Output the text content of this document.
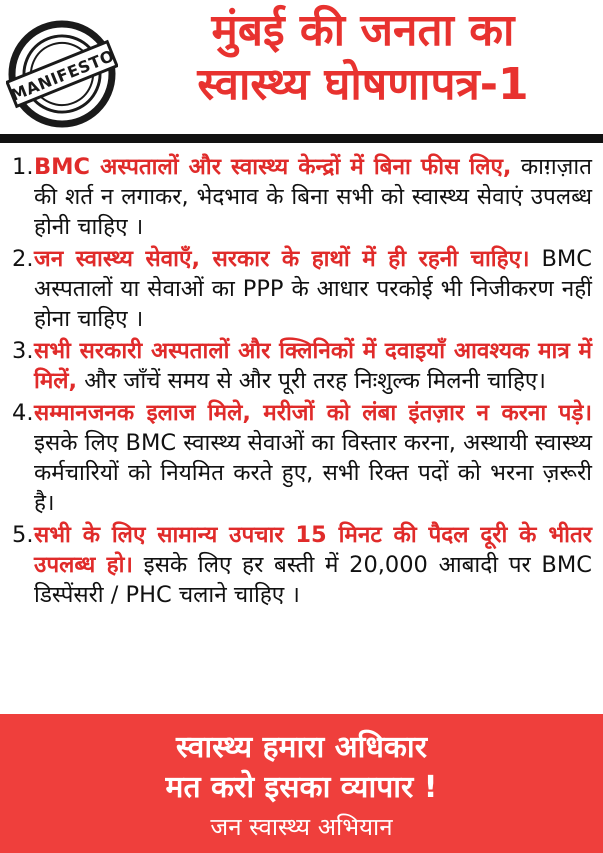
MANIFESTO
मुंबई की जनता का
स्वास्थ्य घोषणापत्र-1
1. BMC अस्पतालों और स्वास्थ्य केन्द्रों में बिना फीस लिए, काग़ज़ात की शर्त न लगाकर, भेदभाव के बिना सभी को स्वास्थ्य सेवाएं उपलब्ध होनी चाहिए ।
2. जन स्वास्थ्य सेवाएँ, सरकार के हाथों में ही रहनी चाहिए। BMC अस्पतालों या सेवाओं का PPP के आधार परकोई भी निजीकरण नहीं होना चाहिए ।
3. सभी सरकारी अस्पतालों और क्लिनिकों में दवाइयाँ आवश्यक मात्र में मिलें, और जाँचें समय से और पूरी तरह निःशुल्क मिलनी चाहिए।
4. सम्मानजनक इलाज मिले, मरीजों को लंबा इंतज़ार न करना पड़े। इसके लिए BMC स्वास्थ्य सेवाओं का विस्तार करना, अस्थायी स्वास्थ्य कर्मचारियों को नियमित करते हुए, सभी रिक्त पदों को भरना ज़रूरी है।
5. सभी के लिए सामान्य उपचार 15 मिनट की पैदल दूरी के भीतर उपलब्ध हो। इसके लिए हर बस्ती में 20,000 आबादी पर BMC डिस्पेंसरी / PHC चलाने चाहिए ।
स्वास्थ्य हमारा अधिकार
मत करो इसका व्यापार !
जन स्वास्थ्य अभियान
